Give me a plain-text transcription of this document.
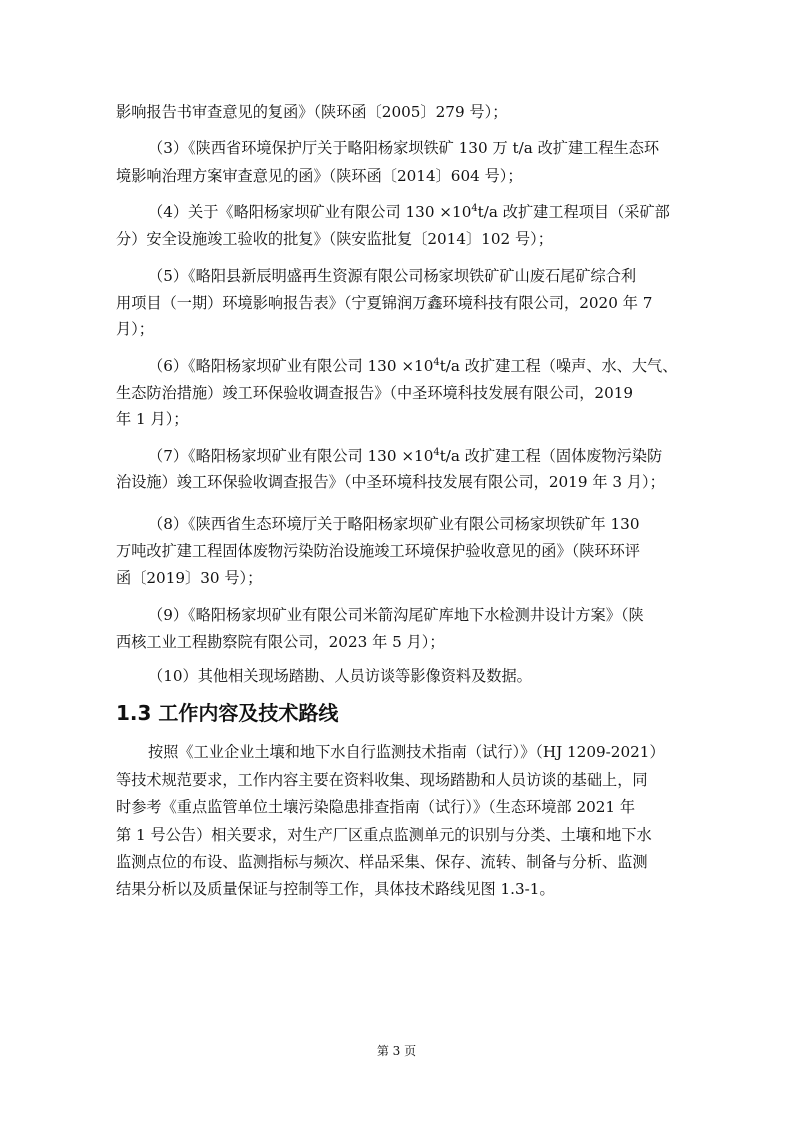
影响报告书审查意见的复函》（陕环函〔2005〕279 号）；
（3）《陕西省环境保护厅关于略阳杨家坝铁矿 130 万 t/a 改扩建工程生态环
境影响治理方案审查意见的函》（陕环函〔2014〕604 号）；
（4）关于《略阳杨家坝矿业有限公司 $130 \times 10^4t/a$ 改扩建工程项目（采矿部
分）安全设施竣工验收的批复》（陕安监批复〔2014〕102 号）；
（5）《略阳县新辰明盛再生资源有限公司杨家坝铁矿矿山废石尾矿综合利
用项目（一期）环境影响报告表》（宁夏锦润万鑫环境科技有限公司，2020 年 7
月）；
（6）《略阳杨家坝矿业有限公司 $130 \times 10^4t/a$ 改扩建工程（噪声、水、大气、
生态防治措施）竣工环保验收调查报告》（中圣环境科技发展有限公司，2019
年 1 月）；
（7）《略阳杨家坝矿业有限公司 $130 \times 10^4t/a$ 改扩建工程（固体废物污染防
治设施）竣工环保验收调查报告》（中圣环境科技发展有限公司，2019 年 3 月）；
（8）《陕西省生态环境厅关于略阳杨家坝矿业有限公司杨家坝铁矿年 130
万吨改扩建工程固体废物污染防治设施竣工环境保护验收意见的函》（陕环环评
函〔2019〕30 号）；
（9）《略阳杨家坝矿业有限公司米箭沟尾矿库地下水检测井设计方案》（陕
西核工业工程勘察院有限公司，2023 年 5 月）；
（10）其他相关现场踏勘、人员访谈等影像资料及数据。
1.3 工作内容及技术路线
按照《工业企业土壤和地下水自行监测技术指南（试行）》（HJ 1209-2021）
等技术规范要求，工作内容主要在资料收集、现场踏勘和人员访谈的基础上，同
时参考《重点监管单位土壤污染隐患排查指南（试行）》（生态环境部 2021 年
第 1 号公告）相关要求，对生产厂区重点监测单元的识别与分类、土壤和地下水
监测点位的布设、监测指标与频次、样品采集、保存、流转、制备与分析、监测
结果分析以及质量保证与控制等工作，具体技术路线见图 1.3-1。
第 3 页
